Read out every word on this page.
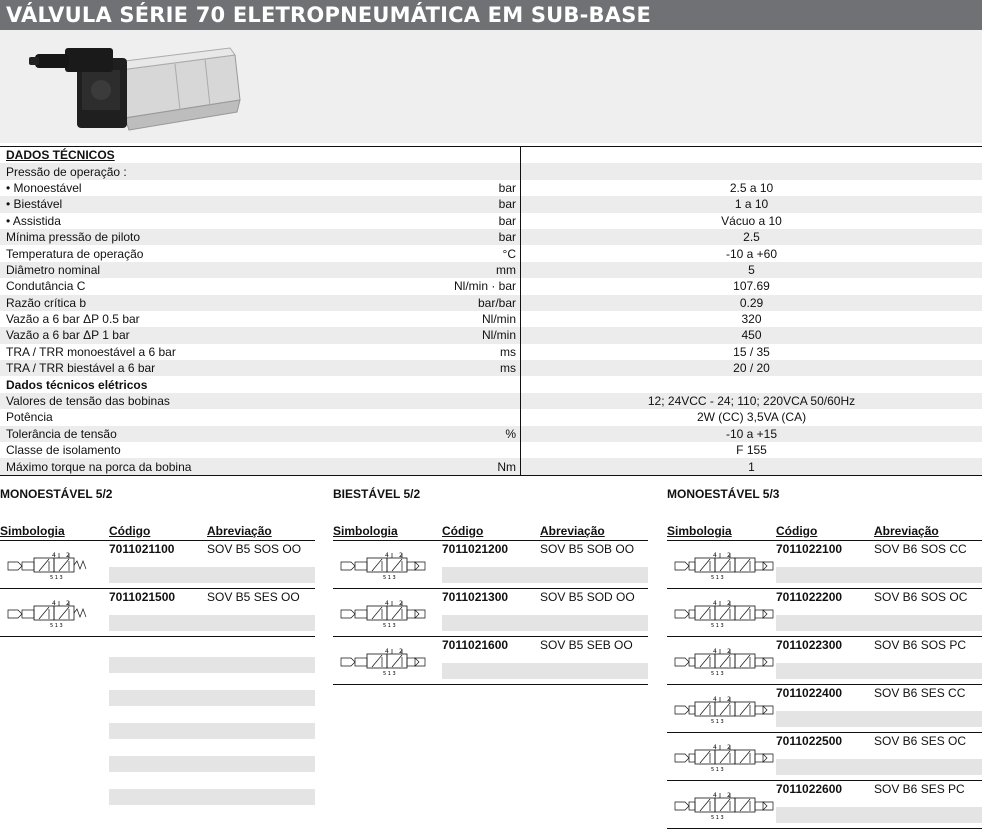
VÁLVULA SÉRIE 70 ELETROPNEUMÁTICA EM SUB-BASE
DADOS TÉCNICOS		
Pressão de operação :		
• Monoestável	bar	2.5 a 10
• Biestável	bar	1 a 10
• Assistida	bar	Vácuo a 10
Mínima pressão de piloto	bar	2.5
Temperatura de operação	°C	-10 a +60
Diâmetro nominal	mm	5
Condutância C	Nl/min · bar	107.69
Razão crítica b	bar/bar	0.29
Vazão a 6 bar ΔP 0.5 bar	Nl/min	320
Vazão a 6 bar ΔP 1 bar	Nl/min	450
TRA / TRR monoestável a 6 bar	ms	15 / 35
TRA / TRR biestável a 6 bar	ms	20 / 20
Dados técnicos elétricos		
Valores de tensão das bobinas		12; 24VCC - 24; 110; 220VCA 50/60Hz
Potência		2W (CC) 3,5VA (CA)
Tolerância de tensão	%	-10 a +15
Classe de isolamento		F 155
Máximo torque na porca da bobina	Nm	1
MONOESTÁVEL 5/2
Simbologia	Código	Abreviação
4 2
5 1 3
7011021100	SOV B5 SOS OO
4 2
5 1 3
7011021500	SOV B5 SES OO
BIESTÁVEL 5/2
Simbologia	Código	Abreviação
4 2
5 1 3
7011021200	SOV B5 SOB OO
4 2
5 1 3
7011021300	SOV B5 SOD OO
4 2
5 1 3
7011021600	SOV B5 SEB OO
MONOESTÁVEL 5/3
Simbologia	Código	Abreviação
4 2
5 1 3
7011022100	SOV B6 SOS CC
4 2
5 1 3
7011022200	SOV B6 SOS OC
4 2
5 1 3
7011022300	SOV B6 SOS PC
4 2
5 1 3
7011022400	SOV B6 SES CC
4 2
5 1 3
7011022500	SOV B6 SES OC
4 2
5 1 3
7011022600	SOV B6 SES PC
